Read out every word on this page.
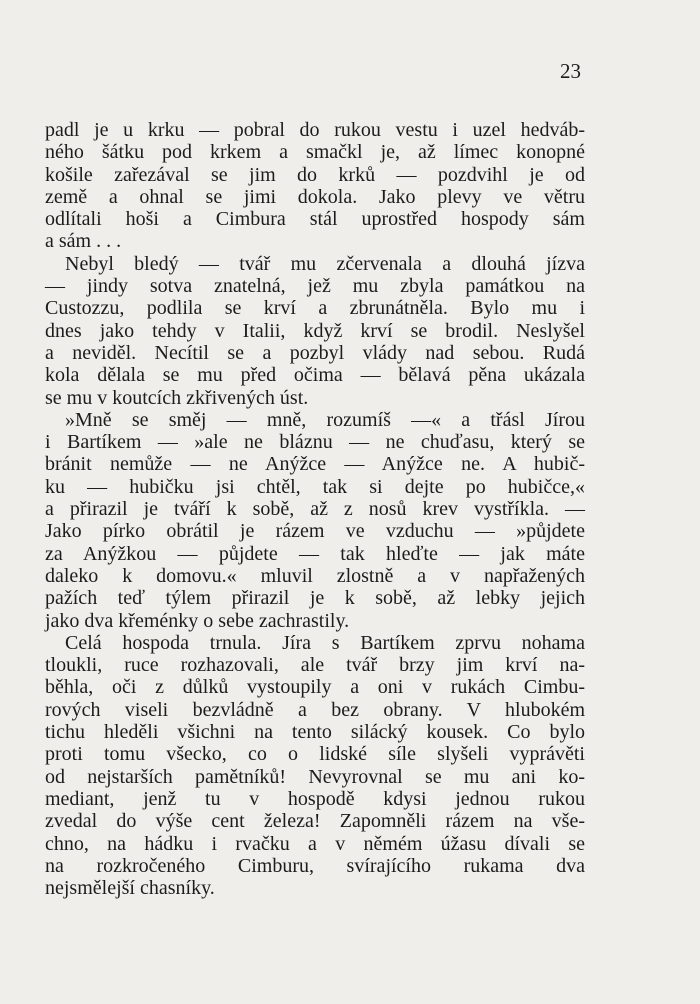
23
padl je u krku — pobral do rukou vestu i uzel hedváb-
ného šátku pod krkem a smačkl je, až límec konopné
košile zařezával se jim do krků — pozdvihl je od
země a ohnal se jimi dokola. Jako plevy ve větru
odlítali hoši a Cimbura stál uprostřed hospody sám
a sám . . .
Nebyl bledý — tvář mu zčervenala a dlouhá jízva
— jindy sotva znatelná, jež mu zbyla památkou na
Custozzu, podlila se krví a zbrunátněla. Bylo mu i
dnes jako tehdy v Italii, když krví se brodil. Neslyšel
a neviděl. Necítil se a pozbyl vlády nad sebou. Rudá
kola dělala se mu před očima — bělavá pěna ukázala
se mu v koutcích zkřivených úst.
»Mně se směj — mně, rozumíš —« a třásl Jírou
i Bartíkem — »ale ne bláznu — ne chuďasu, který se
bránit nemůže — ne Anýžce — Anýžce ne. A hubič-
ku — hubičku jsi chtěl, tak si dejte po hubičce,«
a přirazil je tváří k sobě, až z nosů krev vystříkla. —
Jako pírko obrátil je rázem ve vzduchu — »půjdete
za Anýžkou — půjdete — tak hleďte — jak máte
daleko k domovu.« mluvil zlostně a v napřažených
pažích teď týlem přirazil je k sobě, až lebky jejich
jako dva křeménky o sebe zachrastily.
Celá hospoda trnula. Jíra s Bartíkem zprvu nohama
tloukli, ruce rozhazovali, ale tvář brzy jim krví na-
běhla, oči z důlků vystoupily a oni v rukách Cimbu-
rových viseli bezvládně a bez obrany. V hlubokém
tichu hleděli všichni na tento silácký kousek. Co bylo
proti tomu všecko, co o lidské síle slyšeli vyprávěti
od nejstarších pamětníků! Nevyrovnal se mu ani ko-
mediant, jenž tu v hospodě kdysi jednou rukou
zvedal do výše cent železa! Zapomněli rázem na vše-
chno, na hádku i rvačku a v němém úžasu dívali se
na rozkročeného Cimburu, svírajícího rukama dva
nejsmělejší chasníky.
